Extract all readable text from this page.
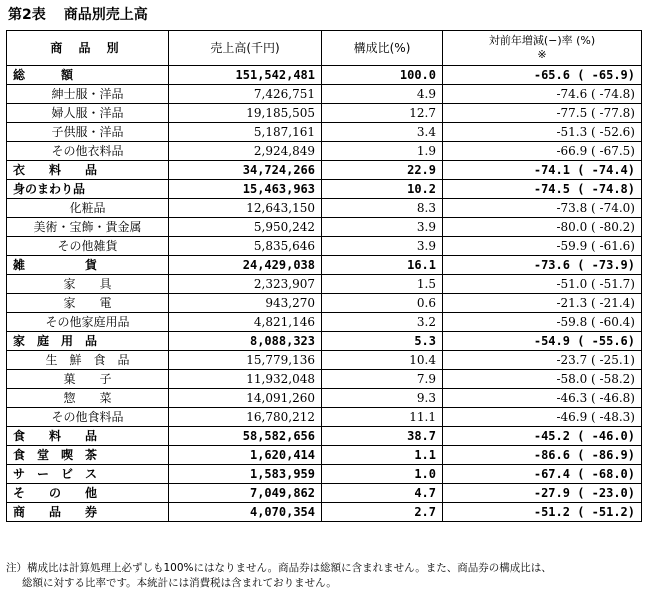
第2表 商品別売上高
商 品 別	売上高(千円)	構成比(%)	対前年増減(−)率 (%)
※

総　　　額	151,542,481	100.0	-65.6 ( -65.9)
紳士服・洋品	7,426,751	4.9	-74.6 ( -74.8)
婦人服・洋品	19,185,505	12.7	-77.5 ( -77.8)
子供服・洋品	5,187,161	3.4	-51.3 ( -52.6)
その他衣料品	2,924,849	1.9	-66.9 ( -67.5)
衣　　料　　品	34,724,266	22.9	-74.1 ( -74.4)
身のまわり品	15,463,963	10.2	-74.5 ( -74.8)
化粧品	12,643,150	8.3	-73.8 ( -74.0)
美術・宝飾・貴金属	5,950,242	3.9	-80.0 ( -80.2)
その他雑貨	5,835,646	3.9	-59.9 ( -61.6)
雑　　　　　貨	24,429,038	16.1	-73.6 ( -73.9)
家　　具	2,323,907	1.5	-51.0 ( -51.7)
家　　電	943,270	0.6	-21.3 ( -21.4)
その他家庭用品	4,821,146	3.2	-59.8 ( -60.4)
家　庭　用　品	8,088,323	5.3	-54.9 ( -55.6)
生　鮮　食　品	15,779,136	10.4	-23.7 ( -25.1)
菓　　子	11,932,048	7.9	-58.0 ( -58.2)
惣　　菜	14,091,260	9.3	-46.3 ( -46.8)
その他食料品	16,780,212	11.1	-46.9 ( -48.3)
食　　料　　品	58,582,656	38.7	-45.2 ( -46.0)
食　堂　喫　茶	1,620,414	1.1	-86.6 ( -86.9)
サ　ー　ビ　ス	1,583,959	1.0	-67.4 ( -68.0)
そ　　の　　他	7,049,862	4.7	-27.9 ( -23.0)
商　　品　　券	4,070,354	2.7	-51.2 ( -51.2)
注）構成比は計算処理上必ずしも100%にはなりません。商品券は総額に含まれません。また、商品券の構成比は、
総額に対する比率です。本統計には消費税は含まれておりません。
